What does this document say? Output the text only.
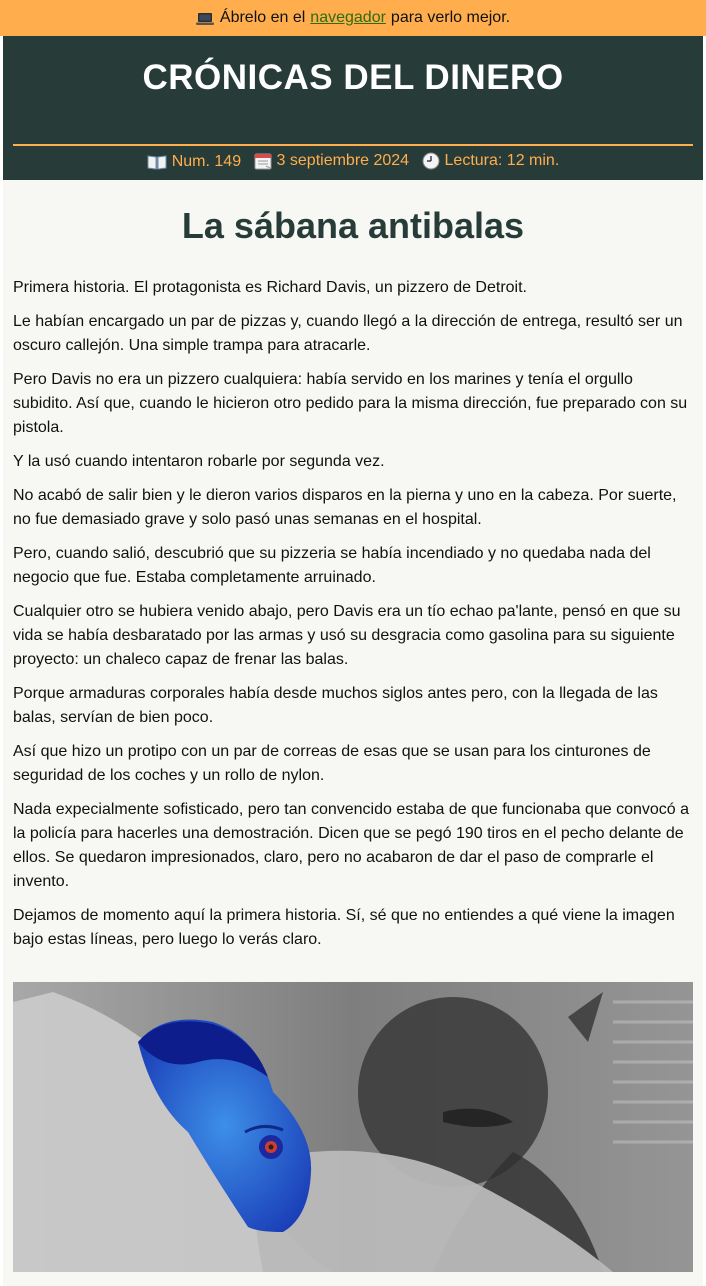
Ábrelo en el navegador para verlo mejor.
CRÓNICAS DEL DINERO
Num. 149
3 septiembre 2024
Lectura: 12 min.
La sábana antibalas

Primera historia. El protagonista es Richard Davis, un pizzero de Detroit.

Le habían encargado un par de pizzas y, cuando llegó a la dirección de entrega, resultó ser un oscuro callejón. Una simple trampa para atracarle.

Pero Davis no era un pizzero cualquiera: había servido en los marines y tenía el orgullo subidito. Así que, cuando le hicieron otro pedido para la misma dirección, fue preparado con su pistola.

Y la usó cuando intentaron robarle por segunda vez.

No acabó de salir bien y le dieron varios disparos en la pierna y uno en la cabeza. Por suerte, no fue demasiado grave y solo pasó unas semanas en el hospital.

Pero, cuando salió, descubrió que su pizzeria se había incendiado y no quedaba nada del negocio que fue. Estaba completamente arruinado.

Cualquier otro se hubiera venido abajo, pero Davis era un tío echao pa'lante, pensó en que su vida se había desbaratado por las armas y usó su desgracia como gasolina para su siguiente proyecto: un chaleco capaz de frenar las balas.

Porque armaduras corporales había desde muchos siglos antes pero, con la llegada de las balas, servían de bien poco.

Así que hizo un protipo con un par de correas de esas que se usan para los cinturones de seguridad de los coches y un rollo de nylon.

Nada expecialmente sofisticado, pero tan convencido estaba de que funcionaba que convocó a la policía para hacerles una demostración. Dicen que se pegó 190 tiros en el pecho delante de ellos. Se quedaron impresionados, claro, pero no acabaron de dar el paso de comprarle el invento.

Dejamos de momento aquí la primera historia. Sí, sé que no entiendes a qué viene la imagen bajo estas líneas, pero luego lo verás claro.
